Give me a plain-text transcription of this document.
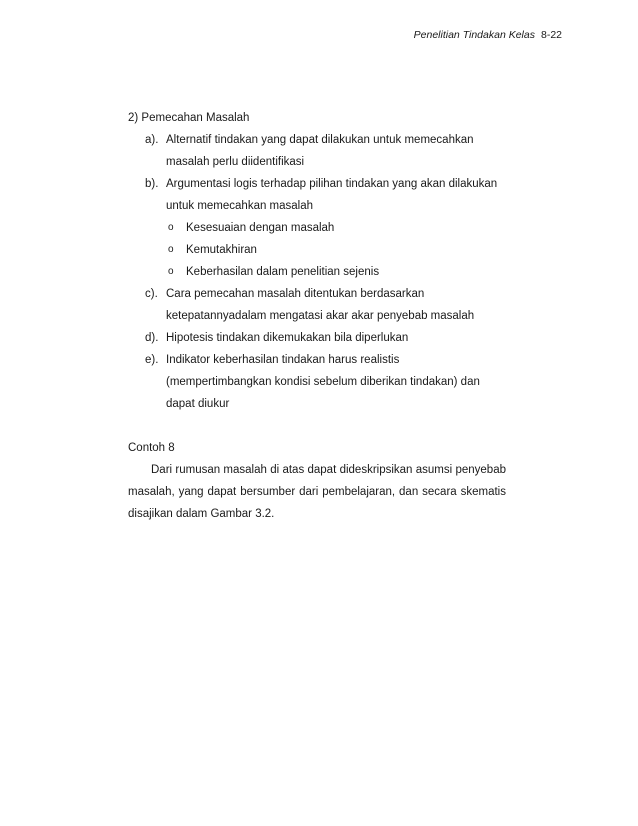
Penelitian Tindakan Kelas 8-22

2) Pemecahan Masalah

a). Alternatif tindakan yang dapat dilakukan untuk memecahkan masalah perlu diidentifikasi
b). Argumentasi logis terhadap pilihan tindakan yang akan dilakukan untuk memecahkan masalah
o Kesesuaian dengan masalah
o Kemutakhiran
o Keberhasilan dalam penelitian sejenis
c). Cara pemecahan masalah ditentukan berdasarkan ketepatannyadalam mengatasi akar akar penyebab masalah
d). Hipotesis tindakan dikemukakan bila diperlukan
e). Indikator keberhasilan tindakan harus realistis (mempertimbangkan kondisi sebelum diberikan tindakan) dan dapat diukur

Contoh 8

Dari rumusan masalah di atas dapat dideskripsikan asumsi penyebab masalah, yang dapat bersumber dari pembelajaran, dan secara skematis disajikan dalam Gambar 3.2.
